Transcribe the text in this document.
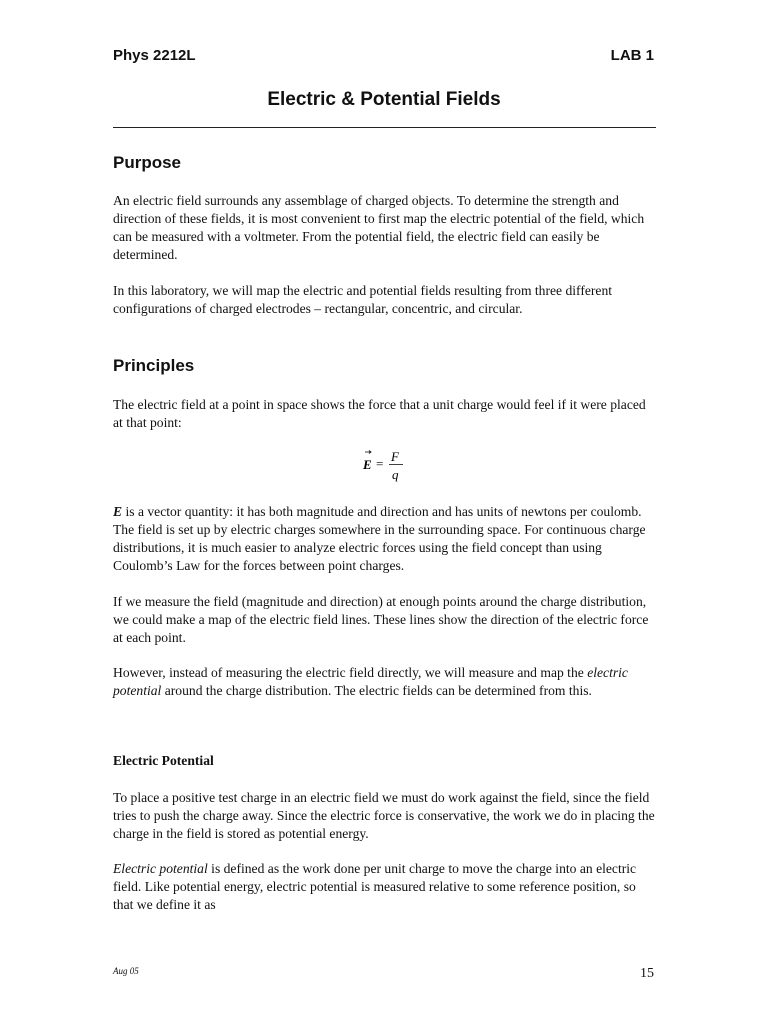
Phys 2212L	LAB 1
Electric & Potential Fields
Purpose
An electric field surrounds any assemblage of charged objects. To determine the strength and direction of these fields, it is most convenient to first map the electric potential of the field, which can be measured with a voltmeter. From the potential field, the electric field can easily be determined.
In this laboratory, we will map the electric and potential fields resulting from three different configurations of charged electrodes – rectangular, concentric, and circular.
Principles
The electric field at a point in space shows the force that a unit charge would feel if it were placed at that point:
E = F
q
E is a vector quantity: it has both magnitude and direction and has units of newtons per coulomb. The field is set up by electric charges somewhere in the surrounding space. For continuous charge distributions, it is much easier to analyze electric forces using the field concept than using Coulomb’s Law for the forces between point charges.
If we measure the field (magnitude and direction) at enough points around the charge distribution, we could make a map of the electric field lines. These lines show the direction of the electric force at each point.
However, instead of measuring the electric field directly, we will measure and map the electric potential around the charge distribution. The electric fields can be determined from this.
Electric Potential
To place a positive test charge in an electric field we must do work against the field, since the field tries to push the charge away. Since the electric force is conservative, the work we do in placing the charge in the field is stored as potential energy.
Electric potential is defined as the work done per unit charge to move the charge into an electric field. Like potential energy, electric potential is measured relative to some reference position, so that we define it as
Aug 05	15
